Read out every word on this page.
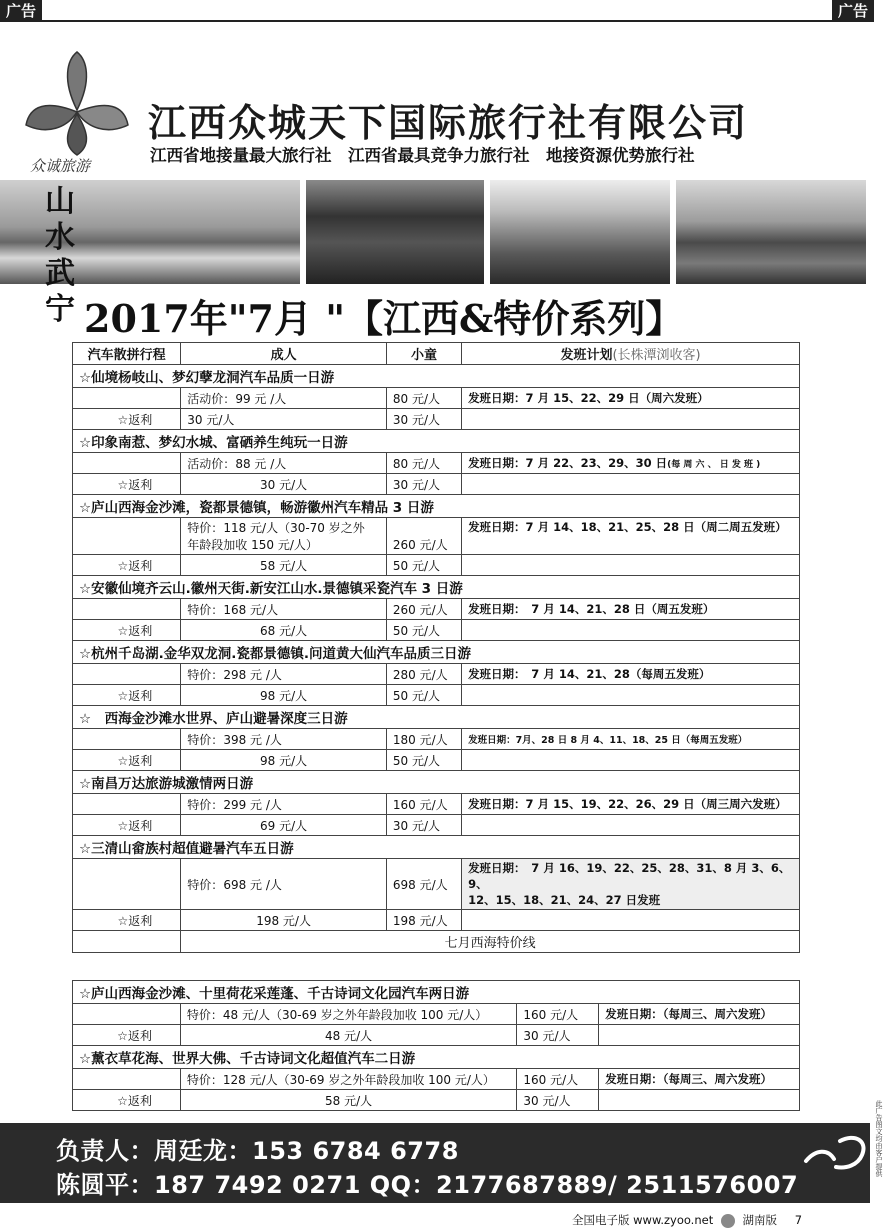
广告	广告
众诚旅游
江西众城天下国际旅行社有限公司
江西省地接量最大旅行社　江西省最具竞争力旅行社　地接资源优势旅行社
山水武宁 2017年"7月 "【江西&特价系列】
汽车散拼行程	成人	小童	发班计划(长株潭浏收客)
☆仙境杨岐山、梦幻孽龙洞汽车品质一日游			
	活动价：99 元 /人	80 元/人	发班日期：7 月 15、22、29 日（周六发班）
☆返利	30 元/人	30 元/人	
☆印象南惹、梦幻水城、富硒养生纯玩一日游			
	活动价：88 元 /人	80 元/人	发班日期：7 月 22、23、29、30 日(每 周 六 、 日 发 班 )
☆返利	30 元/人	30 元/人	
☆庐山西海金沙滩，瓷都景德镇，畅游徽州汽车精品 3 日游			
	特价：118 元/人（30-70 岁之外
年龄段加收 150 元/人）	260 元/人	发班日期：7 月 14、18、21、25、28 日（周二周五发班）
☆返利	58 元/人	50 元/人	
☆安徽仙境齐云山.徽州天街.新安江山水.景德镇采瓷汽车 3 日游			
	特价：168 元/人	260 元/人	发班日期：　7 月 14、21、28 日（周五发班）
☆返利	68 元/人	50 元/人	
☆杭州千岛湖.金华双龙洞.瓷都景德镇.问道黄大仙汽车品质三日游			
	特价：298 元 /人	280 元/人	发班日期：　7 月 14、21、28（每周五发班）
☆返利	98 元/人	50 元/人	
☆　西海金沙滩水世界、庐山避暑深度三日游			
	特价：398 元 /人	180 元/人	发班日期：7月、28 日 8 月 4、11、18、25 日（每周五发班）
☆返利	98 元/人	50 元/人	
☆南昌万达旅游城激情两日游			
	特价：299 元 /人	160 元/人	发班日期：7 月 15、19、22、26、29 日（周三周六发班）
☆返利	69 元/人	30 元/人	
☆三清山畲族村超值避暑汽车五日游			
	特价：698 元 /人	698 元/人	发班日期：　7 月 16、19、22、25、28、31、8 月 3、6、9、
12、15、18、21、24、27 日发班
☆返利	198 元/人	198 元/人	
	七月西海特价线		
☆庐山西海金沙滩、十里荷花采莲蓬、千古诗词文化园汽车两日游			
	特价：48 元/人（30-69 岁之外年龄段加收 100 元/人）	160 元/人	发班日期：（每周三、周六发班）
☆返利	48 元/人	30 元/人	
☆薰衣草花海、世界大佛、千古诗词文化超值汽车二日游			
	特价：128 元/人（30-69 岁之外年龄段加收 100 元/人）	160 元/人	发班日期：（每周三、周六发班）
☆返利	58 元/人	30 元/人	
负责人：周廷龙：153 6784 6778
陈圆平：187 7492 0271 QQ：2177687889/ 2511576007
此广告图文均由客户提供
全国电子版 www.zyoo.net	湖南版 7
